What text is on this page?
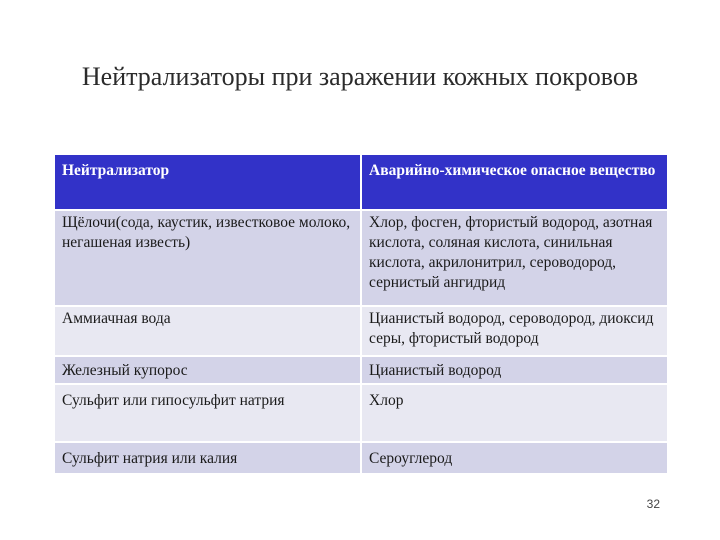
Нейтрализаторы при заражении кожных покровов
Нейтрализатор	Аварийно-химическое опасное вещество
Щёлочи(сода, каустик, известковое молоко, негашеная известь)	Хлор, фосген, фтористый водород, азотная кислота, соляная кислота, синильная кислота, акрилонитрил, сероводород, сернистый ангидрид
Аммиачная вода	Цианистый водород, сероводород, диоксид серы, фтористый водород
Железный купорос	Цианистый водород
Сульфит или гипосульфит натрия	Хлор
Сульфит натрия или калия	Сероуглерод
32
